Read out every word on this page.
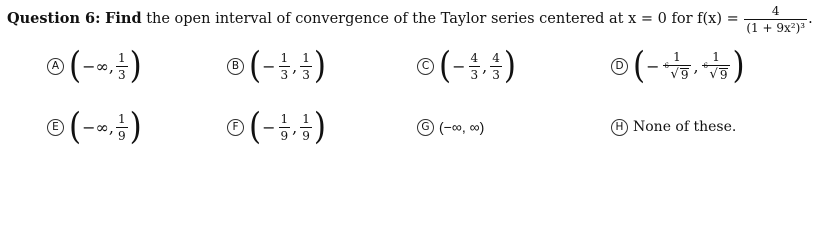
Question 6: Find the open interval of convergence of the Taylor series centered at x = 0 for $f(x) = \frac{4}{\text{(1 + 9x²)³}}$ .
A ( −∞, $\frac{1}{3}$ )	B ( − $\frac{1}{3}$ , $\frac{1}{3}$ )	C ( − $\frac{4}{3}$ , $\frac{4}{3}$ )	D ( − 1
6
√ 9 , 1
6
√ 9 )
E ( −∞, $\frac{1}{9}$ )	F ( − $\frac{1}{9}$ , $\frac{1}{9}$ )	G (−∞, ∞)	H None of these.
